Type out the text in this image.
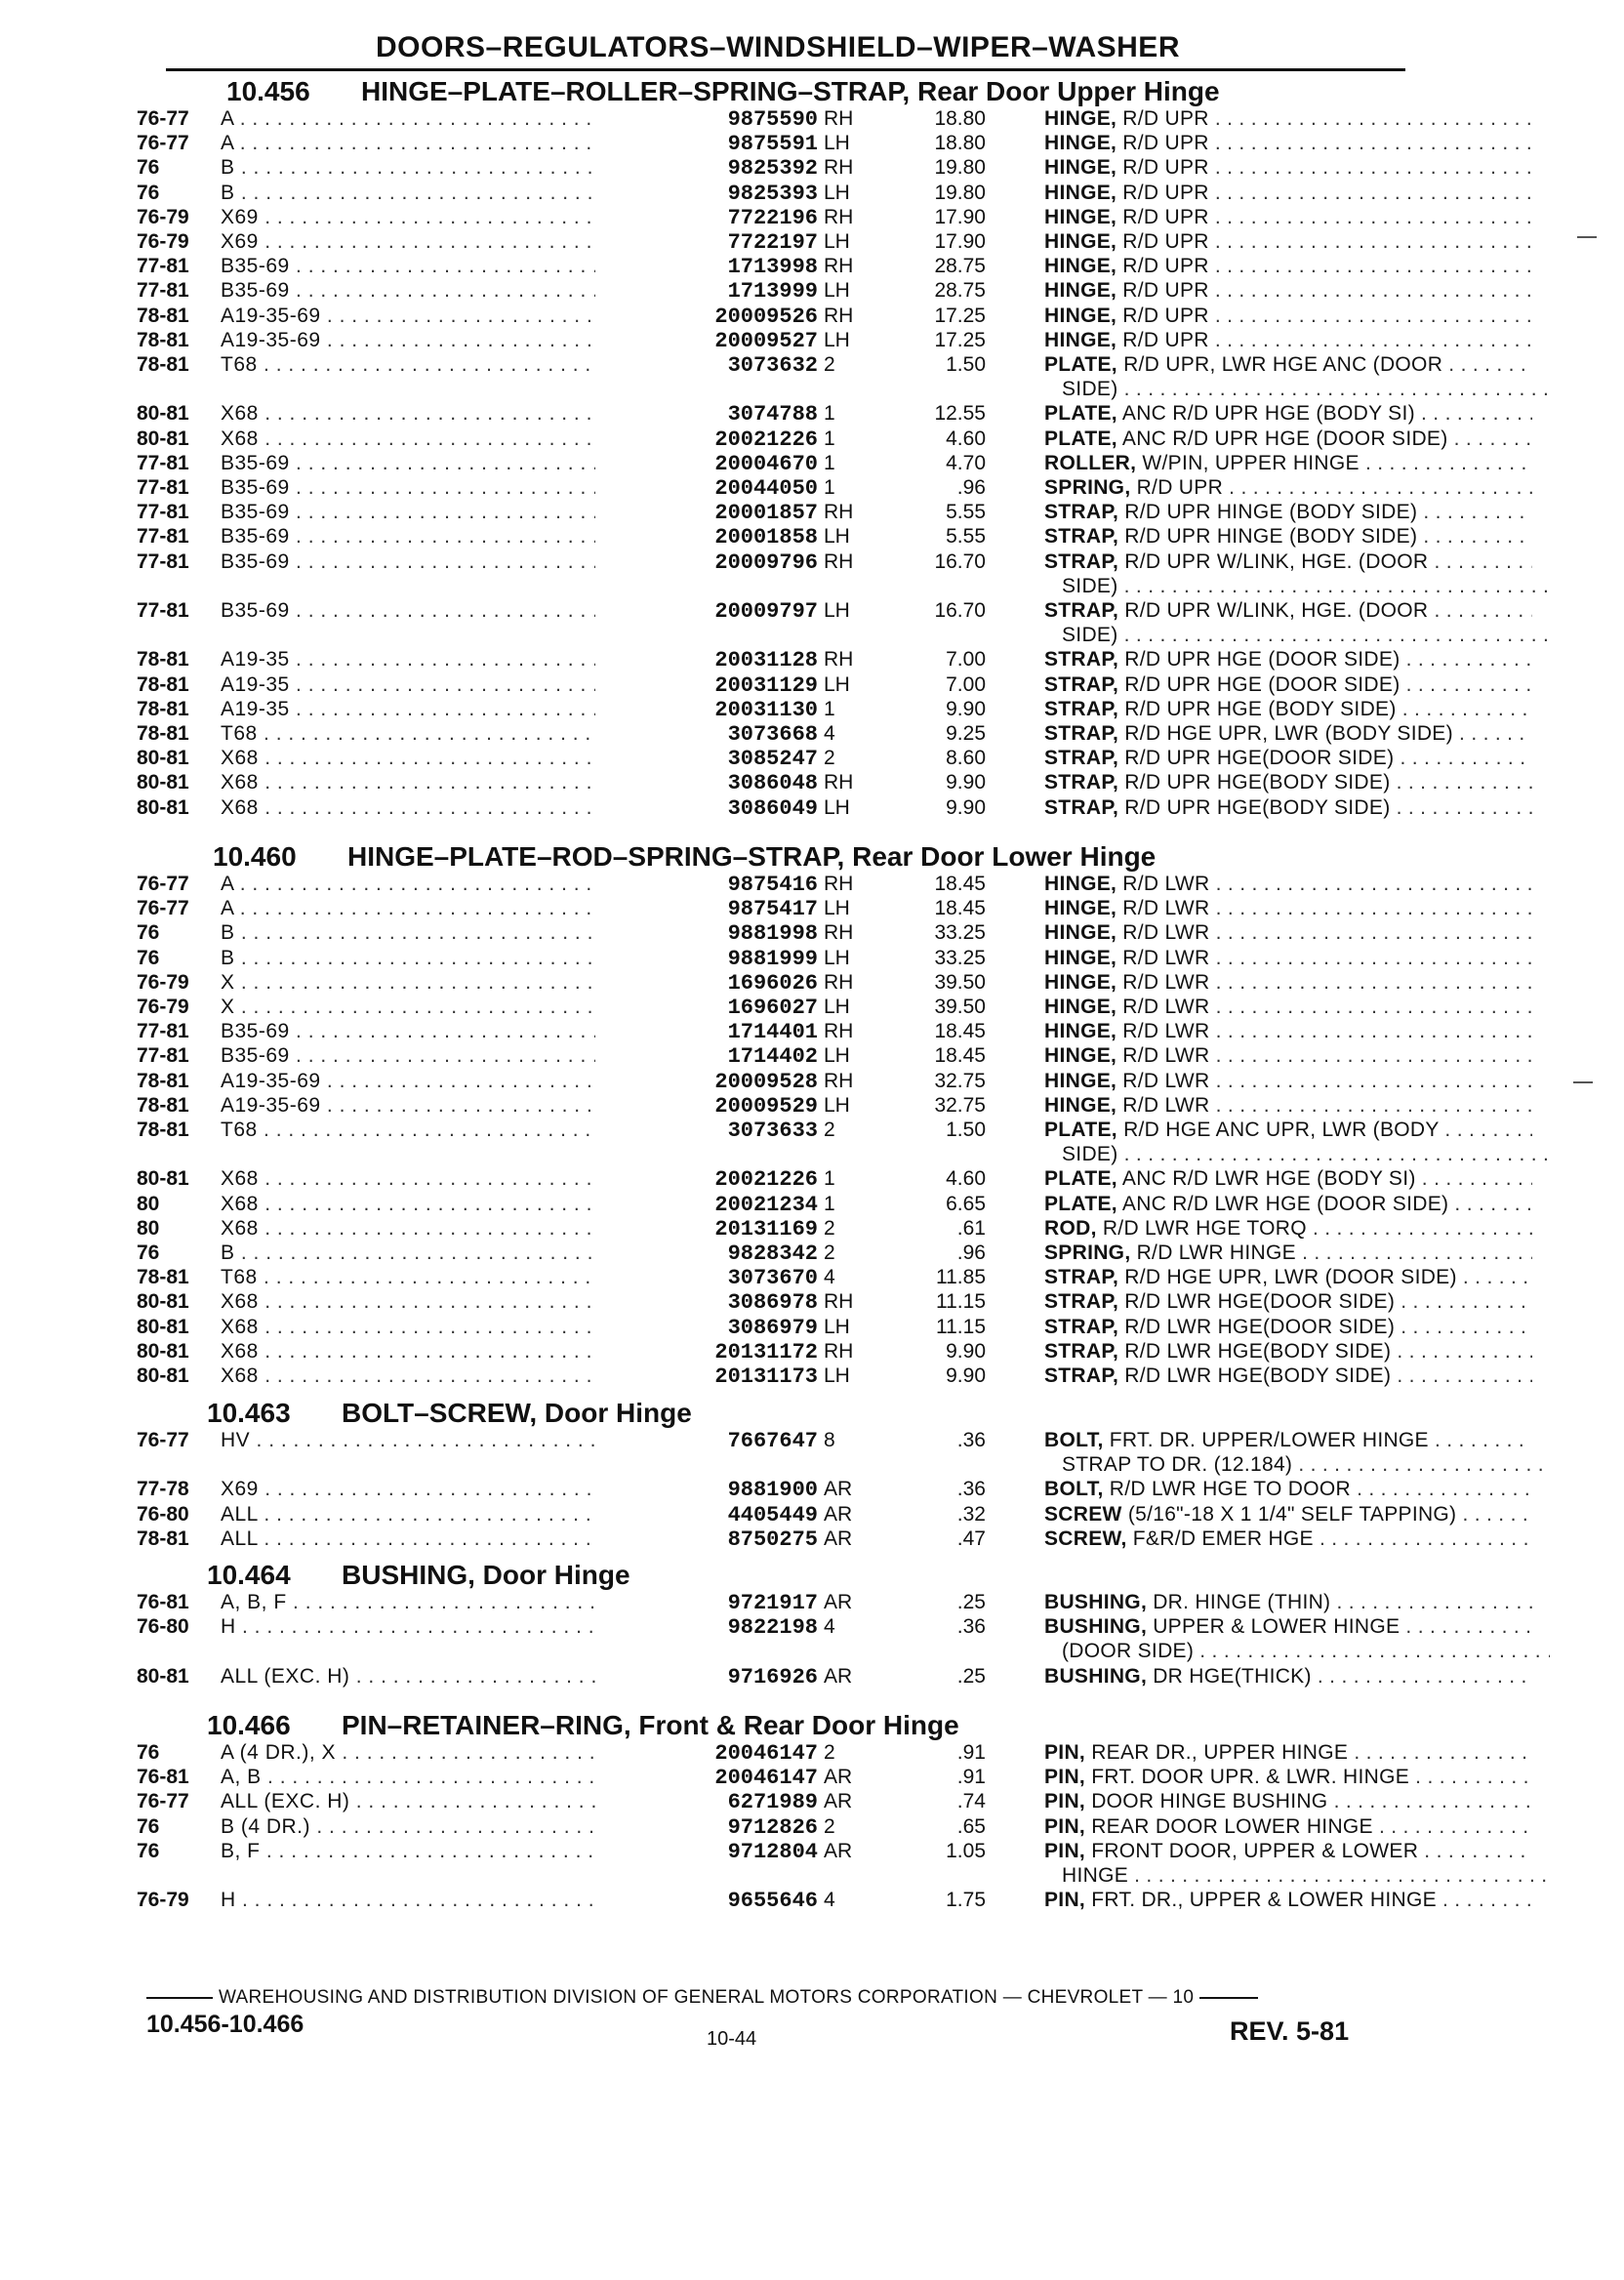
DOORS–REGULATORS–WINDSHIELD–WIPER–WASHER
10.456 HINGE–PLATE–ROLLER–SPRING–STRAP, Rear Door Upper Hinge
76-77	A . . .	9875590 RH	18.80	HINGE, R/D UPR . . .
76-77	A . . .	9875591 LH	18.80	HINGE, R/D UPR . . .
76	B . . .	9825392 RH	19.80	HINGE, R/D UPR . . .
76	B . . .	9825393 LH	19.80	HINGE, R/D UPR . . .
76-79	X69 . . .	7722196 RH	17.90	HINGE, R/D UPR . . .
76-79	X69 . . .	7722197 LH	17.90	HINGE, R/D UPR . . .
77-81	B35-69 . . .	1713998 RH	28.75	HINGE, R/D UPR . . .
77-81	B35-69 . . .	1713999 LH	28.75	HINGE, R/D UPR . . .
78-81	A19-35-69 . . .	20009526 RH	17.25	HINGE, R/D UPR . . .
78-81	A19-35-69 . . .	20009527 LH	17.25	HINGE, R/D UPR . . .
78-81	T68 . . .	3073632 2	1.50	PLATE, R/D UPR, LWR HGE ANC (DOOR . . .
SIDE) . . .
80-81	X68 . . .	3074788 1	12.55	PLATE, ANC R/D UPR HGE (BODY SI) . . .
80-81	X68 . . .	20021226 1	4.60	PLATE, ANC R/D UPR HGE (DOOR SIDE) . . .
77-81	B35-69 . . .	20004670 1	4.70	ROLLER, W/PIN, UPPER HINGE . . .
77-81	B35-69 . . .	20044050 1	.96	SPRING, R/D UPR . . .
77-81	B35-69 . . .	20001857 RH	5.55	STRAP, R/D UPR HINGE (BODY SIDE) . . .
77-81	B35-69 . . .	20001858 LH	5.55	STRAP, R/D UPR HINGE (BODY SIDE) . . .
77-81	B35-69 . . .	20009796 RH	16.70	STRAP, R/D UPR W/LINK, HGE. (DOOR . . .
SIDE) . . .
77-81	B35-69 . . .	20009797 LH	16.70	STRAP, R/D UPR W/LINK, HGE. (DOOR . . .
SIDE) . . .
78-81	A19-35 . . .	20031128 RH	7.00	STRAP, R/D UPR HGE (DOOR SIDE) . . .
78-81	A19-35 . . .	20031129 LH	7.00	STRAP, R/D UPR HGE (DOOR SIDE) . . .
78-81	A19-35 . . .	20031130 1	9.90	STRAP, R/D UPR HGE (BODY SIDE) . . .
78-81	T68 . . .	3073668 4	9.25	STRAP, R/D HGE UPR, LWR (BODY SIDE) . . .
80-81	X68 . . .	3085247 2	8.60	STRAP, R/D UPR HGE(DOOR SIDE) . . .
80-81	X68 . . .	3086048 RH	9.90	STRAP, R/D UPR HGE(BODY SIDE) . . .
80-81	X68 . . .	3086049 LH	9.90	STRAP, R/D UPR HGE(BODY SIDE) . . .
10.460 HINGE–PLATE–ROD–SPRING–STRAP, Rear Door Lower Hinge
76-77	A . . .	9875416 RH	18.45	HINGE, R/D LWR . . .
76-77	A . . .	9875417 LH	18.45	HINGE, R/D LWR . . .
76	B . . .	9881998 RH	33.25	HINGE, R/D LWR . . .
76	B . . .	9881999 LH	33.25	HINGE, R/D LWR . . .
76-79	X . . .	1696026 RH	39.50	HINGE, R/D LWR . . .
76-79	X . . .	1696027 LH	39.50	HINGE, R/D LWR . . .
77-81	B35-69 . . .	1714401 RH	18.45	HINGE, R/D LWR . . .
77-81	B35-69 . . .	1714402 LH	18.45	HINGE, R/D LWR . . .
78-81	A19-35-69 . . .	20009528 RH	32.75	HINGE, R/D LWR . . .
78-81	A19-35-69 . . .	20009529 LH	32.75	HINGE, R/D LWR . . .
78-81	T68 . . .	3073633 2	1.50	PLATE, R/D HGE ANC UPR, LWR (BODY . . .
SIDE) . . .
80-81	X68 . . .	20021226 1	4.60	PLATE, ANC R/D LWR HGE (BODY SI) . . .
80	X68 . . .	20021234 1	6.65	PLATE, ANC R/D LWR HGE (DOOR SIDE) . . .
80	X68 . . .	20131169 2	.61	ROD, R/D LWR HGE TORQ . . .
76	B . . .	9828342 2	.96	SPRING, R/D LWR HINGE . . .
78-81	T68 . . .	3073670 4	11.85	STRAP, R/D HGE UPR, LWR (DOOR SIDE) . . .
80-81	X68 . . .	3086978 RH	11.15	STRAP, R/D LWR HGE(DOOR SIDE) . . .
80-81	X68 . . .	3086979 LH	11.15	STRAP, R/D LWR HGE(DOOR SIDE) . . .
80-81	X68 . . .	20131172 RH	9.90	STRAP, R/D LWR HGE(BODY SIDE) . . .
80-81	X68 . . .	20131173 LH	9.90	STRAP, R/D LWR HGE(BODY SIDE) . . .
10.463 BOLT–SCREW, Door Hinge
76-77	HV . . .	7667647 8	.36	BOLT, FRT. DR. UPPER/LOWER HINGE . . .
STRAP TO DR. (12.184) . . .
77-78	X69 . . .	9881900 AR	.36	BOLT, R/D LWR HGE TO DOOR . . .
76-80	ALL . . .	4405449 AR	.32	SCREW (5/16"-18 X 1 1/4" SELF TAPPING) . . .
78-81	ALL . . .	8750275 AR	.47	SCREW, F&R/D EMER HGE . . .
10.464 BUSHING, Door Hinge
76-81	A, B, F . . .	9721917 AR	.25	BUSHING, DR. HINGE (THIN) . . .
76-80	H . . .	9822198 4	.36	BUSHING, UPPER & LOWER HINGE . . .
(DOOR SIDE) . . .
80-81	ALL (EXC. H) . . .	9716926 AR	.25	BUSHING, DR HGE(THICK) . . .
10.466 PIN–RETAINER–RING, Front & Rear Door Hinge
76	A (4 DR.), X . . .	20046147 2	.91	PIN, REAR DR., UPPER HINGE . . .
76-81	A, B . . .	20046147 AR	.91	PIN, FRT. DOOR UPR. & LWR. HINGE . . .
76-77	ALL (EXC. H) . . .	6271989 AR	.74	PIN, DOOR HINGE BUSHING . . .
76	B (4 DR.) . . .	9712826 2	.65	PIN, REAR DOOR LOWER HINGE . . .
76	B, F . . .	9712804 AR	1.05	PIN, FRONT DOOR, UPPER & LOWER . . .
HINGE . . .
76-79	H . . .	9655646 4	1.75	PIN, FRT. DR., UPPER & LOWER HINGE . . .
WAREHOUSING AND DISTRIBUTION DIVISION OF GENERAL MOTORS CORPORATION — CHEVROLET — 10
10.456-10.466
10-44	REV. 5-81
